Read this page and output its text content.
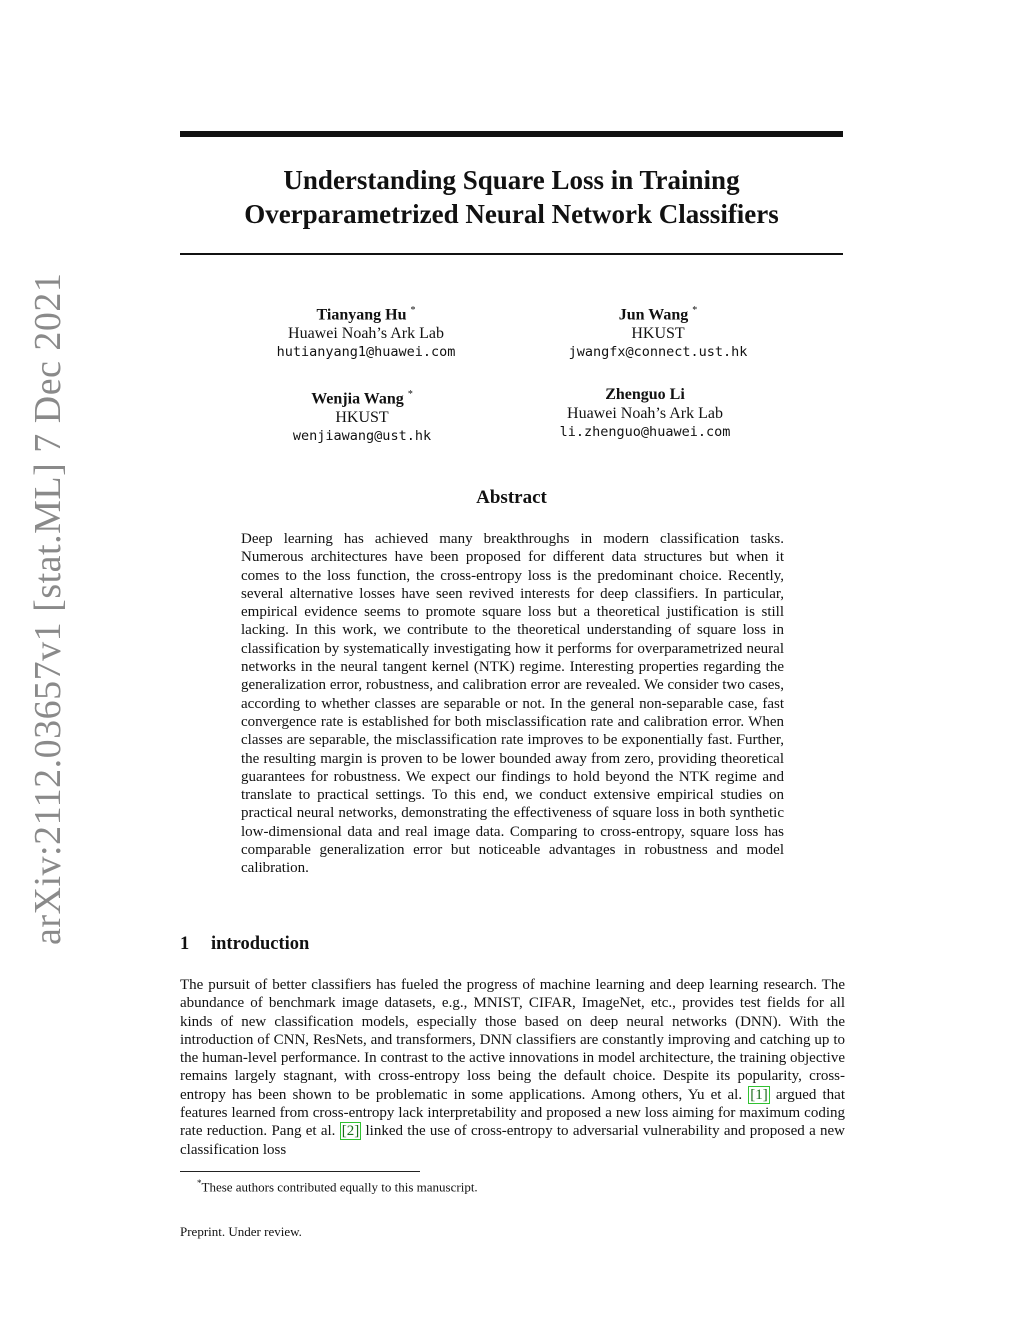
arXiv:2112.03657v1 [stat.ML] 7 Dec 2021
Understanding Square Loss in Training
Overparametrized Neural Network Classifiers
Tianyang Hu *
Huawei Noah’s Ark Lab
hutianyang1@huawei.com
Jun Wang *
HKUST
jwangfx@connect.ust.hk
Wenjia Wang *
HKUST
wenjiawang@ust.hk
Zhenguo Li
Huawei Noah’s Ark Lab
li.zhenguo@huawei.com
Abstract
Deep learning has achieved many breakthroughs in modern classification tasks. Numerous architectures have been proposed for different data structures but when it comes to the loss function, the cross-entropy loss is the predominant choice. Recently, several alternative losses have seen revived interests for deep classifiers. In particular, empirical evidence seems to promote square loss but a theoretical justification is still lacking. In this work, we contribute to the theoretical understanding of square loss in classification by systematically investigating how it performs for overparametrized neural networks in the neural tangent kernel (NTK) regime. Interesting properties regarding the generalization error, robustness, and calibration error are revealed. We consider two cases, according to whether classes are separable or not. In the general non-separable case, fast convergence rate is established for both misclassification rate and calibration error. When classes are separable, the misclassification rate improves to be exponentially fast. Further, the resulting margin is proven to be lower bounded away from zero, providing theoretical guarantees for robustness. We expect our findings to hold beyond the NTK regime and translate to practical settings. To this end, we conduct extensive empirical studies on practical neural networks, demonstrating the effectiveness of square loss in both synthetic low-dimensional data and real image data. Comparing to cross-entropy, square loss has comparable generalization error but noticeable advantages in robustness and model calibration.
1 introduction
The pursuit of better classifiers has fueled the progress of machine learning and deep learning research. The abundance of benchmark image datasets, e.g., MNIST, CIFAR, ImageNet, etc., provides test fields for all kinds of new classification models, especially those based on deep neural networks (DNN). With the introduction of CNN, ResNets, and transformers, DNN classifiers are constantly improving and catching up to the human-level performance. In contrast to the active innovations in model architecture, the training objective remains largely stagnant, with cross-entropy loss being the default choice. Despite its popularity, cross-entropy has been shown to be problematic in some applications. Among others, Yu et al. [1] argued that features learned from cross-entropy lack interpretability and proposed a new loss aiming for maximum coding rate reduction. Pang et al. [2] linked the use of cross-entropy to adversarial vulnerability and proposed a new classification loss
*These authors contributed equally to this manuscript.
Preprint. Under review.
